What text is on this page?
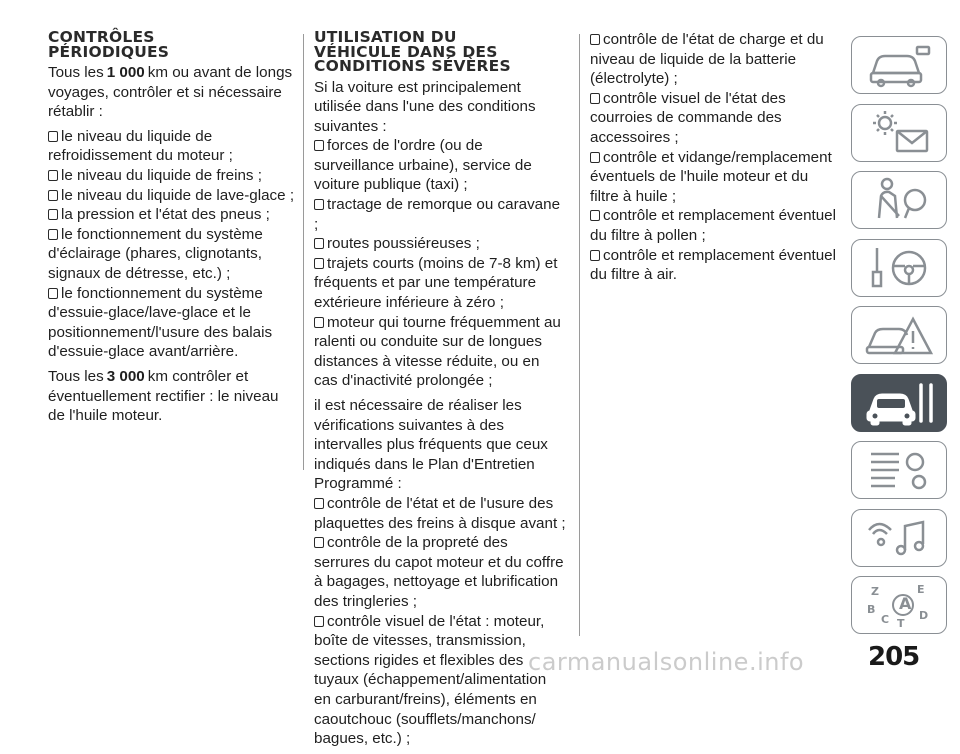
CONTRÔLES
PÉRIODIQUES

Tous les 1 000 km ou avant de longs voyages, contrôler et si nécessaire rétablir :

le niveau du liquide de refroidissement du moteur ;
le niveau du liquide de freins ;
le niveau du liquide de lave-glace ;
la pression et l'état des pneus ;
le fonctionnement du système d'éclairage (phares, clignotants, signaux de détresse, etc.) ;
le fonctionnement du système d'essuie-glace/lave-glace et le positionnement/l'usure des balais d'essuie-glace avant/arrière.

Tous les 3 000 km contrôler et éventuellement rectifier : le niveau de l'huile moteur.

UTILISATION DU
VÉHICULE DANS DES
CONDITIONS SÉVÈRES

Si la voiture est principalement utilisée dans l'une des conditions suivantes :

forces de l'ordre (ou de surveillance urbaine), service de voiture publique (taxi) ;
tractage de remorque ou caravane ;
routes poussiéreuses ;
trajets courts (moins de 7-8 km) et fréquents et par une température extérieure inférieure à zéro ;
moteur qui tourne fréquemment au ralenti ou conduite sur de longues distances à vitesse réduite, ou en cas d'inactivité prolongée ;

il est nécessaire de réaliser les vérifications suivantes à des intervalles plus fréquents que ceux indiqués dans le Plan d'Entretien Programmé :

contrôle de l'état et de l'usure des plaquettes des freins à disque avant ;
contrôle de la propreté des serrures du capot moteur et du coffre à bagages, nettoyage et lubrification des tringleries ;
contrôle visuel de l'état : moteur, boîte de vitesses, transmission, sections rigides et flexibles des tuyaux (échappement/alimentation en carburant/freins), éléments en caoutchouc (soufflets/manchons/ bagues, etc.) ;
contrôle de l'état de charge et du niveau de liquide de la batterie (électrolyte) ;
contrôle visuel de l'état des courroies de commande des accessoires ;
contrôle et vidange/remplacement éventuels de l'huile moteur et du filtre à huile ;
contrôle et remplacement éventuel du filtre à pollen ;
contrôle et remplacement éventuel du filtre à air.
Z	E
B A
C T
D
205
carmanualsonline.info
